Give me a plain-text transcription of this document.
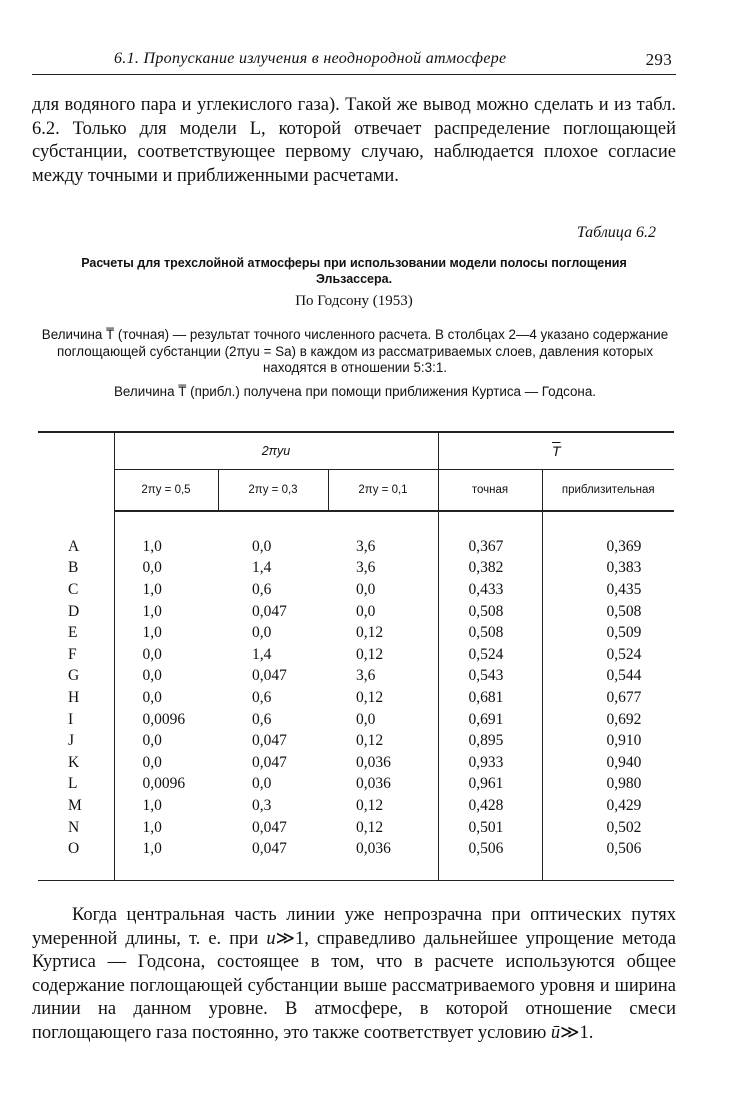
6.1. Пропускание излучения в неоднородной атмосфере	293

для водяного пара и углекислого газа). Такой же вывод можно сделать и из табл. 6.2. Только для модели L, которой отвечает распределение поглощающей субстанции, соответствующее первому случаю, наблюдается плохое согласие между точными и приближенными расчетами.

Таблица 6.2
Расчеты для трехслойной атмосферы при использовании модели полосы поглощения Эльзассера.
По Годсону (1953)
Величина T̅ (точная) — результат точного численного расчета. В столбцах 2—4 указано содержание поглощающей субстанции (2πyu = Sa) в каждом из рассматриваемых слоев, давления которых находятся в отношении 5:3:1.
Величина T̅ (прибл.) получена при помощи приближения Куртиса — Годсона.
	2πyu			$\overline{T}$
	2πy = 0,5	2πy = 0,3	2πy = 0,1	точная	приблизительная

A	1,0	0,0	3,6	0,367	0,369
B	0,0	1,4	3,6	0,382	0,383
C	1,0	0,6	0,0	0,433	0,435
D	1,0	0,047	0,0	0,508	0,508
E	1,0	0,0	0,12	0,508	0,509
F	0,0	1,4	0,12	0,524	0,524
G	0,0	0,047	3,6	0,543	0,544
H	0,0	0,6	0,12	0,681	0,677
I	0,0096	0,6	0,0	0,691	0,692
J	0,0	0,047	0,12	0,895	0,910
K	0,0	0,047	0,036	0,933	0,940
L	0,0096	0,0	0,036	0,961	0,980
M	1,0	0,3	0,12	0,428	0,429
N	1,0	0,047	0,12	0,501	0,502
O	1,0	0,047	0,036	0,506	0,506

Когда центральная часть линии уже непрозрачна при оптических путях умеренной длины, т. е. при u≫1, справедливо дальнейшее упрощение метода Куртиса — Годсона, состоящее в том, что в расчете используются общее содержание поглощающей субстанции выше рассматриваемого уровня и ширина линии на данном уровне. В атмосфере, в которой отношение смеси поглощающего газа постоянно, это также соответствует условию ū≫1.
